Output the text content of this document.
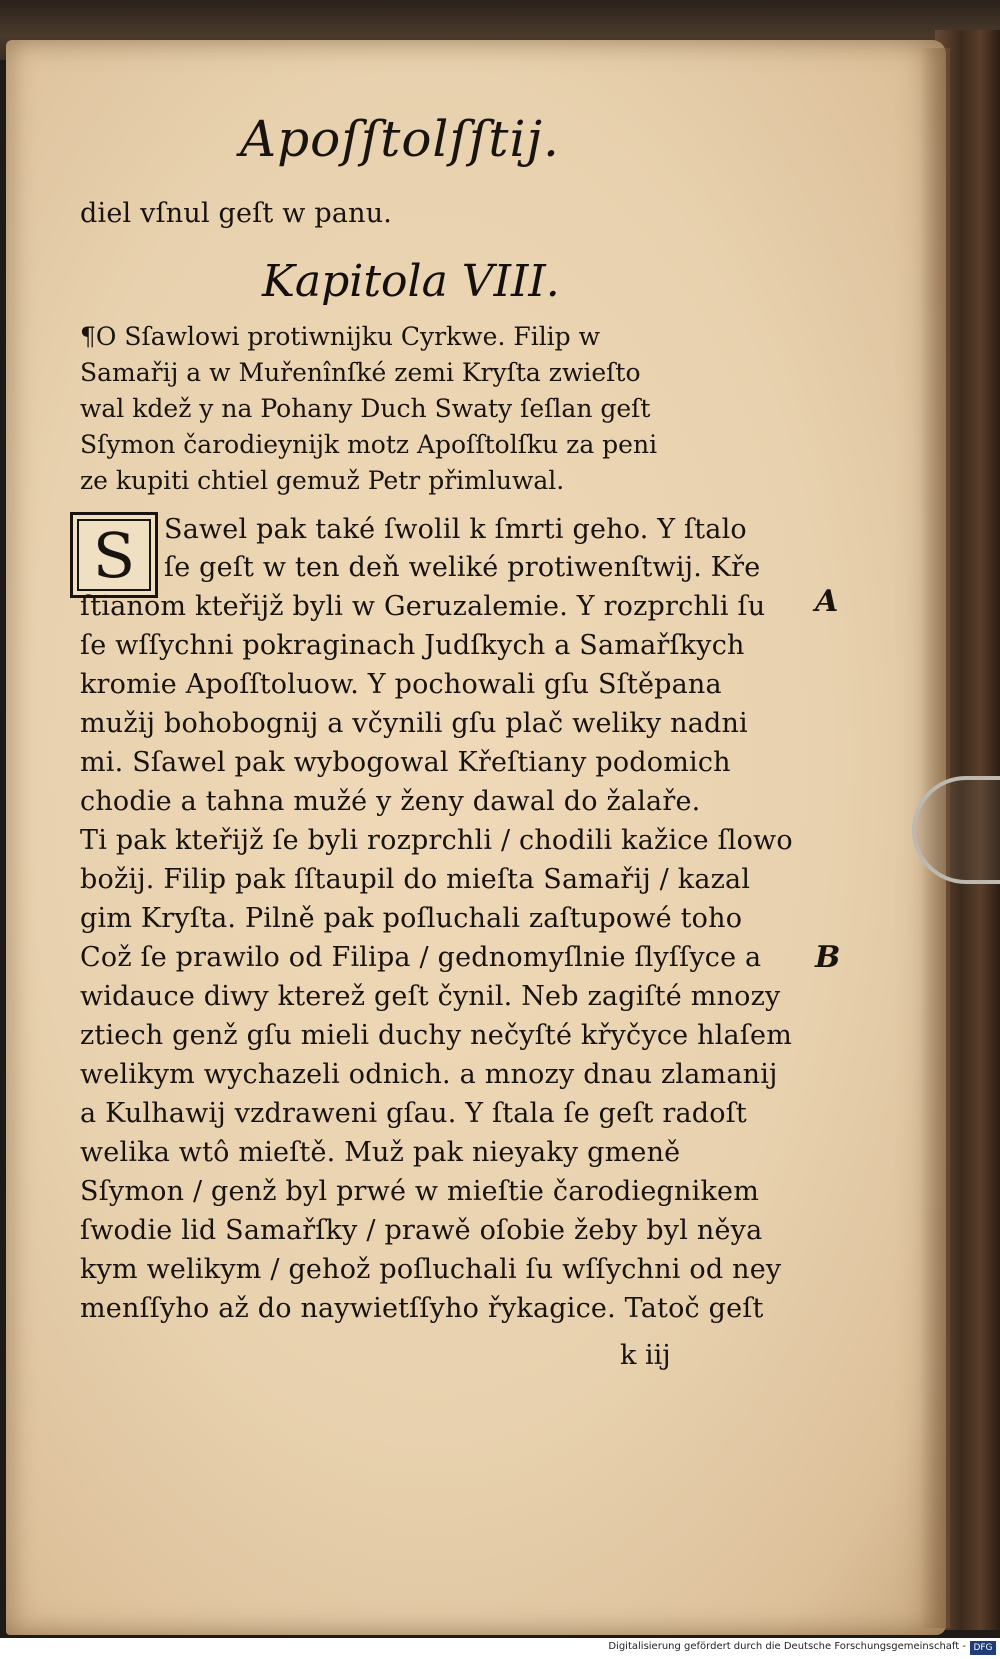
Apoſſtolſſtij.
diel vſnul geſt w panu.
Kapitola VIII.
¶O Sſawlowi protiwnijku Cyrkwe. Filip w
Samařij a w Muřenînſké zemi Kryſta zwieſto
wal kdež y na Pohany Duch Swaty ſeſlan geſt
Sſymon čarodieynijk motz Apoſſtolſku za peni
ze kupiti chtiel gemuž Petr přimluwal.
S	Sawel pak také ſwolil k ſmrti geho. Y ſtalo
ſe geſt w ten deň weliké protiwenſtwij. Kře
ſtianom kteřijž byli w Geruzalemie. Y rozprchli ſu
ſe wſſychni pokraginach Judſkych a Samařſkych
kromie Apoſſtoluow. Y pochowali gſu Sſtěpana
mužij bohobognij a včynili gſu plač weliky nadni
mi. Sſawel pak wybogowal Křeſtiany podomich
chodie a tahna mužé y ženy dawal do žalaře.
Ti pak kteřijž ſe byli rozprchli / chodili kažice ſlowo
božij. Filip pak ſſtaupil do mieſta Samařij / kazal
gim Kryſta. Pilně pak poſluchali zaſtupowé toho
Což ſe prawilo od Filipa / gednomyſlnie ſlyſſyce a
widauce diwy kterež geſt čynil. Neb zagiſté mnozy
ztiech genž gſu mieli duchy nečyſté křyčyce hlaſem
welikym wychazeli odnich. a mnozy dnau zlamanij
a Kulhawij vzdraweni gſau. Y ſtala ſe geſt radoſt
welika wtô mieſtě. Muž pak nieyaky gmeně
Sſymon / genž byl prwé w mieſtie čarodiegnikem
ſwodie lid Samařſky / prawě oſobie žeby byl něya
kym welikym / gehož poſluchali ſu wſſychni od ney
menſſyho až do naywietſſyho řykagice. Tatoč geſt
A
B
k iij
Digitalisierung gefördert durch die Deutsche Forschungsgemeinschaft - DFG
